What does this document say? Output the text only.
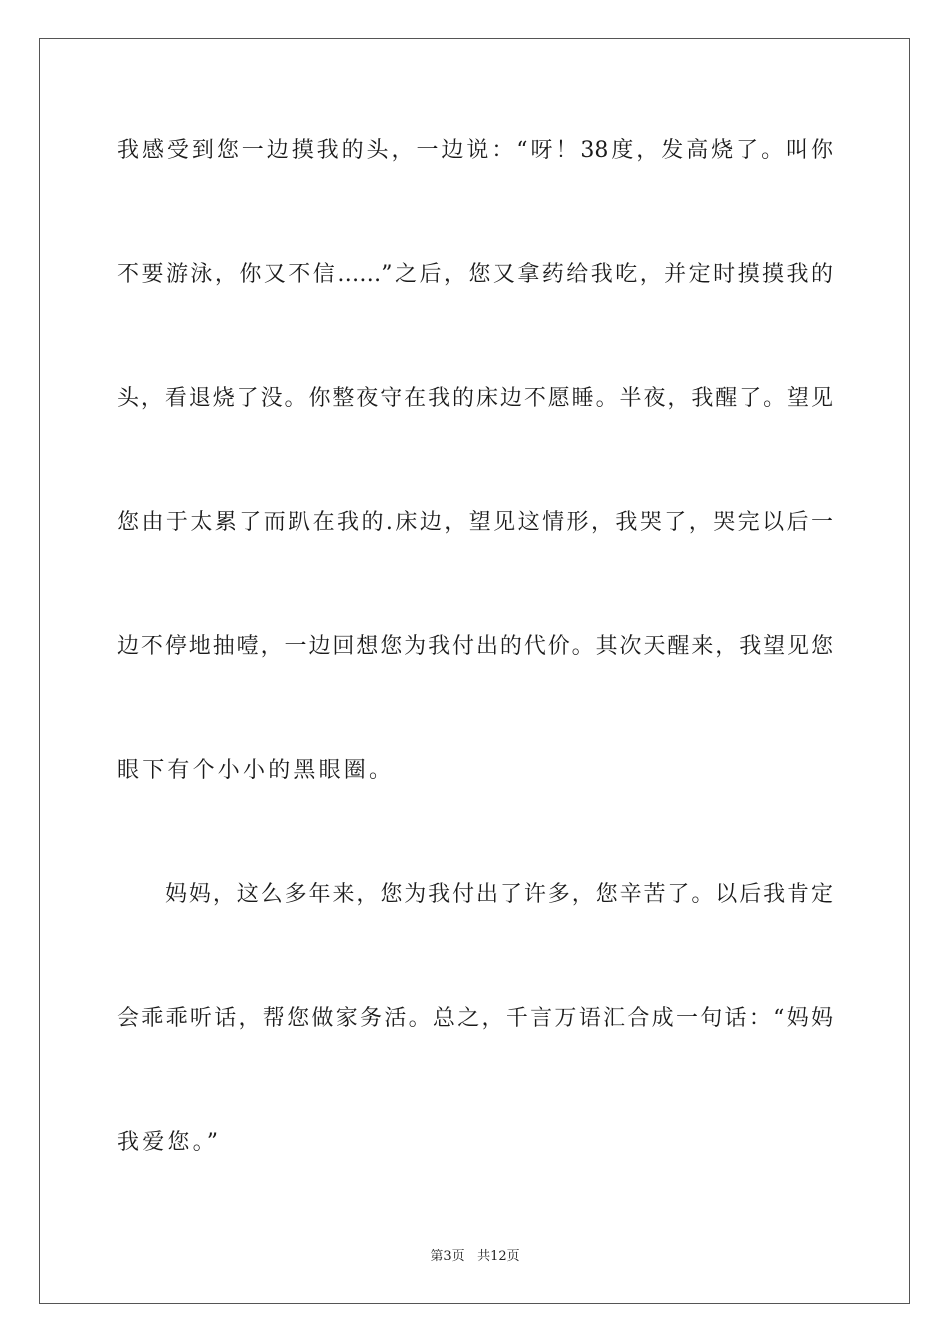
我感受到您一边摸我的头，一边说：“呀！38度，发高烧了。叫你
不要游泳，你又不信……”之后，您又拿药给我吃，并定时摸摸我的
头，看退烧了没。你整夜守在我的床边不愿睡。半夜，我醒了。望见
您由于太累了而趴在我的.床边，望见这情形，我哭了，哭完以后一
边不停地抽噎，一边回想您为我付出的代价。其次天醒来，我望见您
眼下有个小小的黑眼圈。
妈妈，这么多年来，您为我付出了许多，您辛苦了。以后我肯定
会乖乖听话，帮您做家务活。总之，千言万语汇合成一句话：“妈妈
我爱您。”
第3页 共12页
